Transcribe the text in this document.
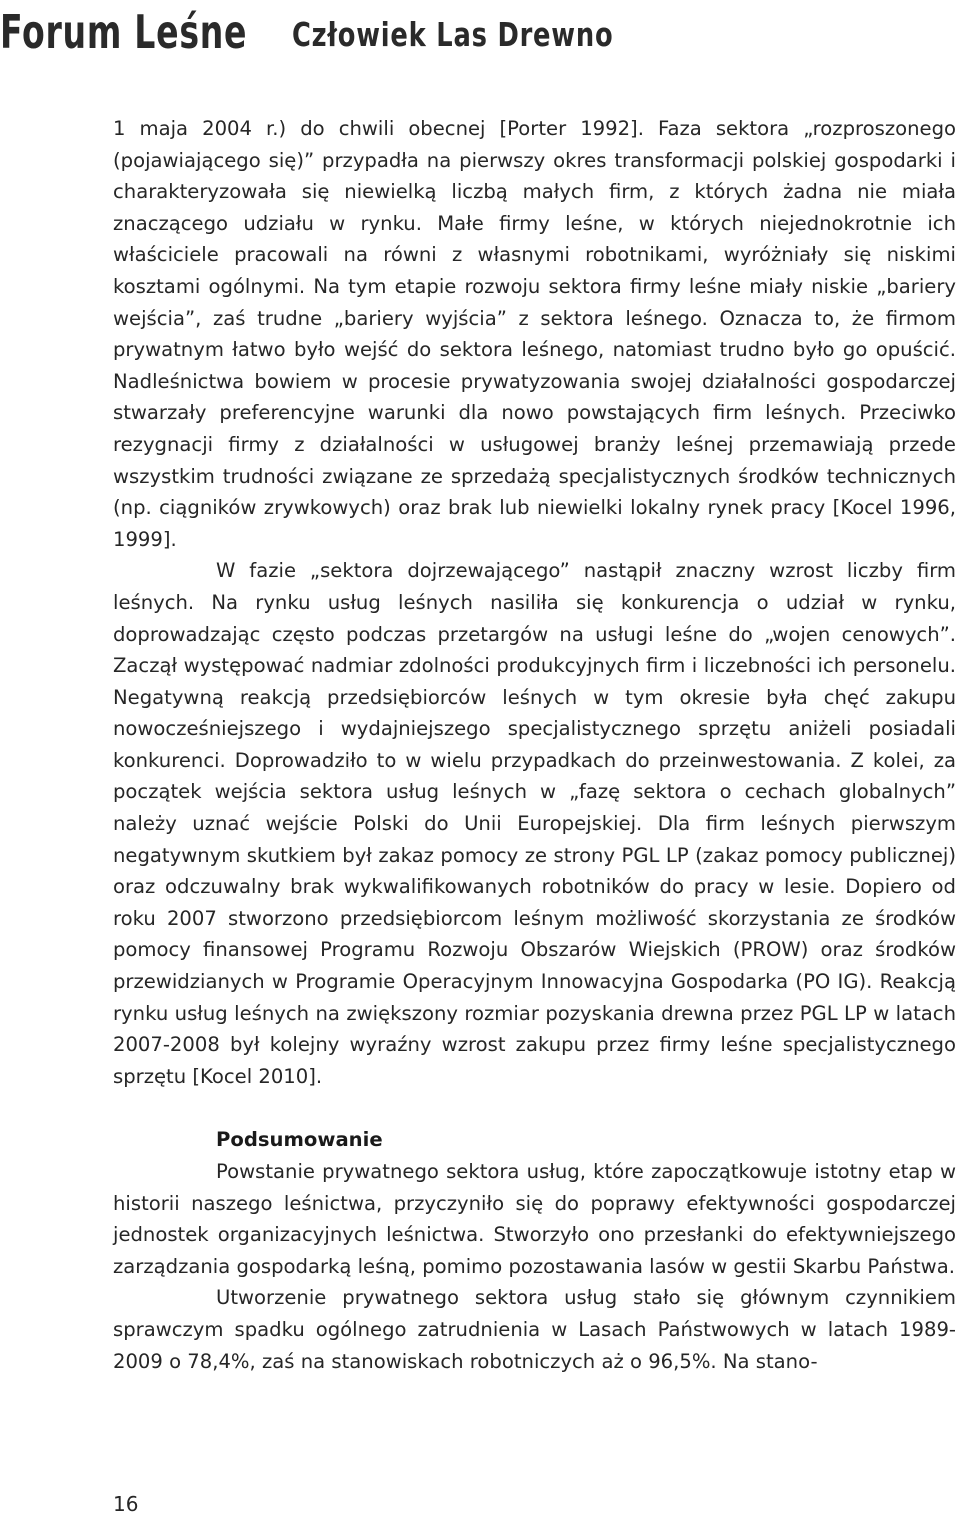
Forum Leśne Człowiek Las Drewno

1 maja 2004 r.) do chwili obecnej [Porter 1992]. Faza sektora „rozproszonego (pojawiającego się)” przypadła na pierwszy okres transformacji polskiej gospodarki i charakteryzowała się niewielką liczbą małych firm, z których żadna nie miała znaczącego udziału w rynku. Małe firmy leśne, w których niejednokrotnie ich właściciele pracowali na równi z własnymi robotnikami, wyróżniały się niskimi kosztami ogólnymi. Na tym etapie rozwoju sektora firmy leśne miały niskie „bariery wejścia”, zaś trudne „bariery wyjścia” z sektora leśnego. Oznacza to, że firmom prywatnym łatwo było wejść do sektora leśnego, natomiast trudno było go opuścić. Nadleśnictwa bowiem w procesie prywatyzowania swojej działalności gospodarczej stwarzały preferencyjne warunki dla nowo powstających firm leśnych. Przeciwko rezygnacji firmy z działalności w usługowej branży leśnej przemawiają przede wszystkim trudności związane ze sprzedażą specjalistycznych środków technicznych (np. ciągników zrywkowych) oraz brak lub niewielki lokalny rynek pracy [Kocel 1996, 1999].

W fazie „sektora dojrzewającego” nastąpił znaczny wzrost liczby firm leśnych. Na rynku usług leśnych nasiliła się konkurencja o udział w rynku, doprowadzając często podczas przetargów na usługi leśne do „wojen cenowych”. Zaczął występować nadmiar zdolności produkcyjnych firm i liczebności ich personelu. Negatywną reakcją przedsiębiorców leśnych w tym okresie była chęć zakupu nowocześniejszego i wydajniejszego specjalistycznego sprzętu aniżeli posiadali konkurenci. Doprowadziło to w wielu przypadkach do przeinwestowania. Z kolei, za początek wejścia sektora usług leśnych w „fazę sektora o cechach globalnych” należy uznać wejście Polski do Unii Europejskiej. Dla firm leśnych pierwszym negatywnym skutkiem był zakaz pomocy ze strony PGL LP (zakaz pomocy publicznej) oraz odczuwalny brak wykwalifikowanych robotników do pracy w lesie. Dopiero od roku 2007 stworzono przedsiębiorcom leśnym możliwość skorzystania ze środków pomocy finansowej Programu Rozwoju Obszarów Wiejskich (PROW) oraz środków przewidzianych w Programie Operacyjnym Innowacyjna Gospodarka (PO IG). Reakcją rynku usług leśnych na zwiększony rozmiar pozyskania drewna przez PGL LP w latach 2007-2008 był kolejny wyraźny wzrost zakupu przez firmy leśne specjalistycznego sprzętu [Kocel 2010].

Podsumowanie

Powstanie prywatnego sektora usług, które zapoczątkowuje istotny etap w historii naszego leśnictwa, przyczyniło się do poprawy efektywności gospodarczej jednostek organizacyjnych leśnictwa. Stworzyło ono przesłanki do efektywniejszego zarządzania gospodarką leśną, pomimo pozostawania lasów w gestii Skarbu Państwa.

Utworzenie prywatnego sektora usług stało się głównym czynnikiem sprawczym spadku ogólnego zatrudnienia w Lasach Państwowych w latach 1989-2009 o 78,4%, zaś na stanowiskach robotniczych aż o 96,5%. Na stano-

16
